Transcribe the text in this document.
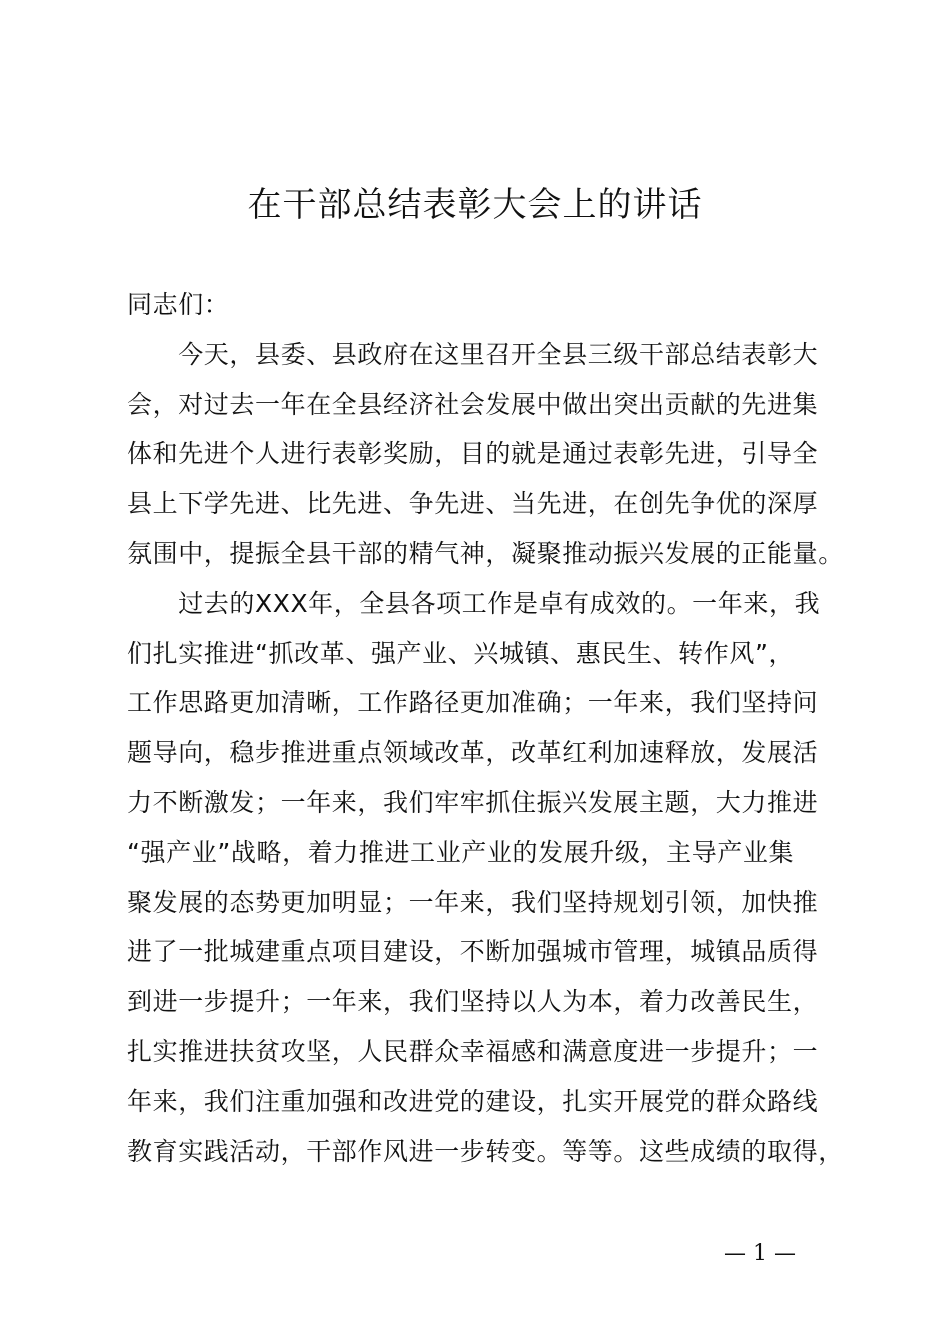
在干部总结表彰大会上的讲话
同志们：
　　今天，县委、县政府在这里召开全县三级干部总结表彰大
会，对过去一年在全县经济社会发展中做出突出贡献的先进集
体和先进个人进行表彰奖励，目的就是通过表彰先进，引导全
县上下学先进、比先进、争先进、当先进，在创先争优的深厚
氛围中，提振全县干部的精气神，凝聚推动振兴发展的正能量。
　　过去的XXX年，全县各项工作是卓有成效的。一年来，我
们扎实推进“抓改革、强产业、兴城镇、惠民生、转作风”，
工作思路更加清晰，工作路径更加准确；一年来，我们坚持问
题导向，稳步推进重点领域改革，改革红利加速释放，发展活
力不断激发；一年来，我们牢牢抓住振兴发展主题，大力推进
“强产业”战略，着力推进工业产业的发展升级，主导产业集
聚发展的态势更加明显；一年来，我们坚持规划引领，加快推
进了一批城建重点项目建设，不断加强城市管理，城镇品质得
到进一步提升；一年来，我们坚持以人为本，着力改善民生，
扎实推进扶贫攻坚，人民群众幸福感和满意度进一步提升；一
年来，我们注重加强和改进党的建设，扎实开展党的群众路线
教育实践活动，干部作风进一步转变。等等。这些成绩的取得，
— 1 —
